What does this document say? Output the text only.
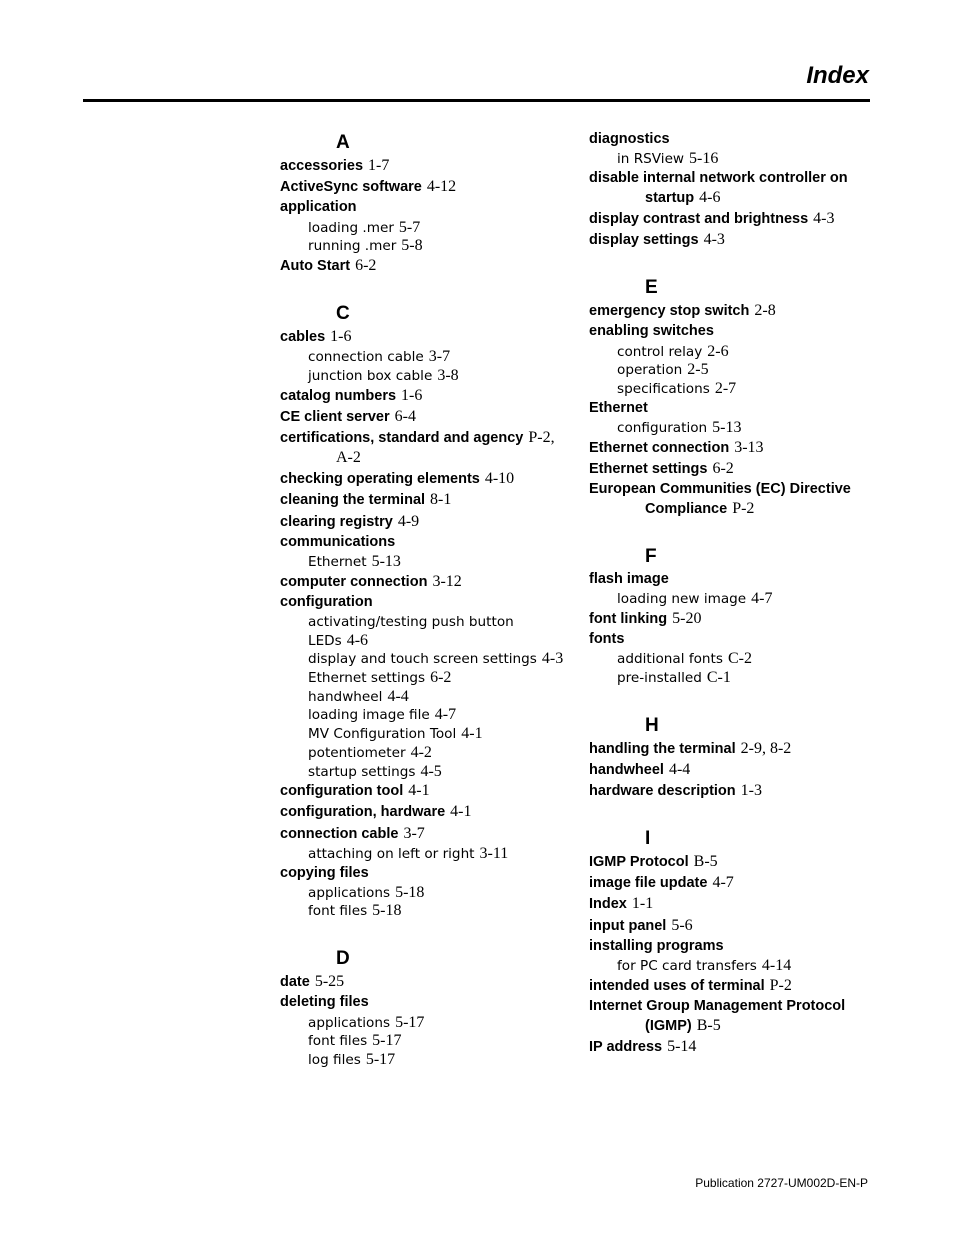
Index
A
accessories 1-7
ActiveSync software 4-12
application
loading .mer 5-7
running .mer 5-8
Auto Start 6-2
C
cables 1-6
connection cable 3-7
junction box cable 3-8
catalog numbers 1-6
CE client server 6-4
certifications, standard and agency P-2,
A-2
checking operating elements 4-10
cleaning the terminal 8-1
clearing registry 4-9
communications
Ethernet 5-13
computer connection 3-12
configuration
activating/testing push button LEDs 4-6
display and touch screen settings 4-3
Ethernet settings 6-2
handwheel 4-4
loading image file 4-7
MV Configuration Tool 4-1
potentiometer 4-2
startup settings 4-5
configuration tool 4-1
configuration, hardware 4-1
connection cable 3-7
attaching on left or right 3-11
copying files
applications 5-18
font files 5-18
D
date 5-25
deleting files
applications 5-17
font files 5-17
log files 5-17
diagnostics
in RSView 5-16
disable internal network controller on
startup 4-6
display contrast and brightness 4-3
display settings 4-3
E
emergency stop switch 2-8
enabling switches
control relay 2-6
operation 2-5
specifications 2-7
Ethernet
configuration 5-13
Ethernet connection 3-13
Ethernet settings 6-2
European Communities (EC) Directive
Compliance P-2
F
flash image
loading new image 4-7
font linking 5-20
fonts
additional fonts C-2
pre-installed C-1
H
handling the terminal 2-9, 8-2
handwheel 4-4
hardware description 1-3
I
IGMP Protocol B-5
image file update 4-7
Index 1-1
input panel 5-6
installing programs
for PC card transfers 4-14
intended uses of terminal P-2
Internet Group Management Protocol
(IGMP) B-5
IP address 5-14
Publication 2727-UM002D-EN-P
